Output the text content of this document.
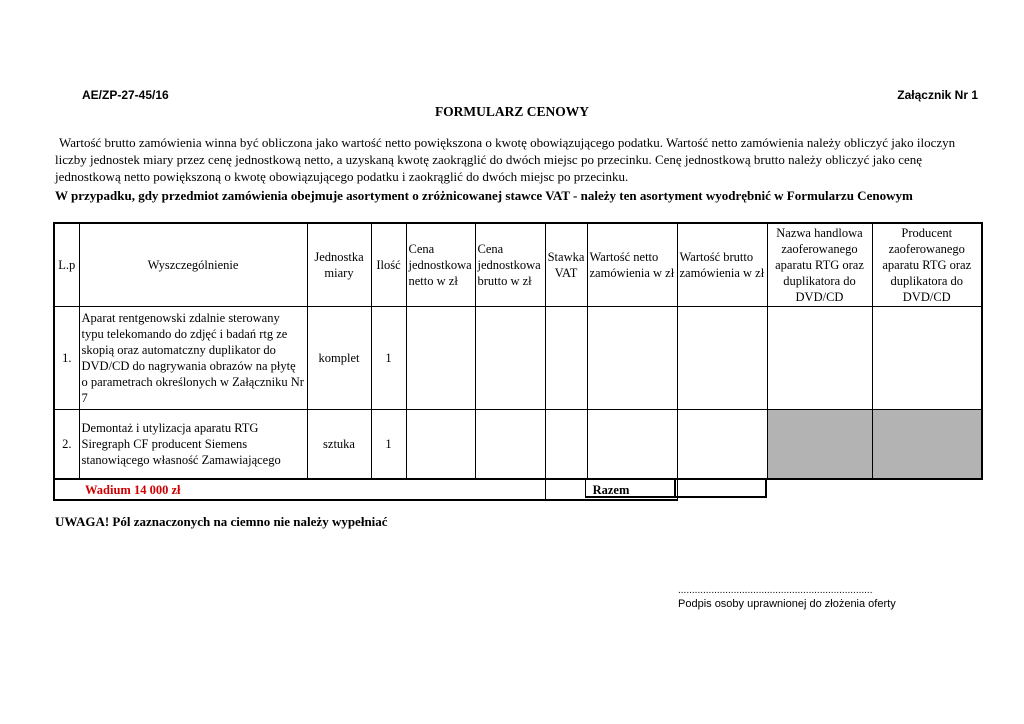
AE/ZP-27-45/16	Załącznik Nr 1
FORMULARZ CENOWY
Wartość brutto zamówienia winna być obliczona jako wartość netto powiększona o kwotę obowiązującego podatku. Wartość netto zamówienia należy obliczyć jako iloczyn liczby jednostek miary przez cenę jednostkową netto, a uzyskaną kwotę zaokrąglić do dwóch miejsc po przecinku. Cenę jednostkową brutto należy obliczyć jako cenę jednostkową netto powiększoną o kwotę obowiązującego podatku i zaokrąglić do dwóch miejsc po przecinku.
W przypadku, gdy przedmiot zamówienia obejmuje asortyment o zróżnicowanej stawce VAT - należy ten asortyment wyodrębnić w Formularzu Cenowym
L.p	Wyszczególnienie	Jednostka miary	Ilość	Cena jednostkowa netto w zł	Cena jednostkowa brutto w zł	Stawka VAT	Wartość netto zamówienia w zł	Wartość brutto zamówienia w zł	Nazwa handlowa zaoferowanego aparatu RTG oraz duplikatora do DVD/CD	Producent zaoferowanego aparatu RTG oraz duplikatora do DVD/CD
1.	Aparat rentgenowski zdalnie sterowany typu telekomando do zdjęć i badań rtg ze skopią oraz automatczny duplikator do DVD/CD do nagrywania obrazów na płytę o parametrach określonych w Załączniku Nr 7	komplet	1							
2.	Demontaż i utylizacja aparatu RTG Siregraph CF producent Siemens stanowiącego własność Zamawiającego	sztuka	1							
Wadium 14 000 zł						Razem			
UWAGA! Pól zaznaczonych na ciemno nie należy wypełniać
......................................................................
Podpis osoby uprawnionej do złożenia oferty
